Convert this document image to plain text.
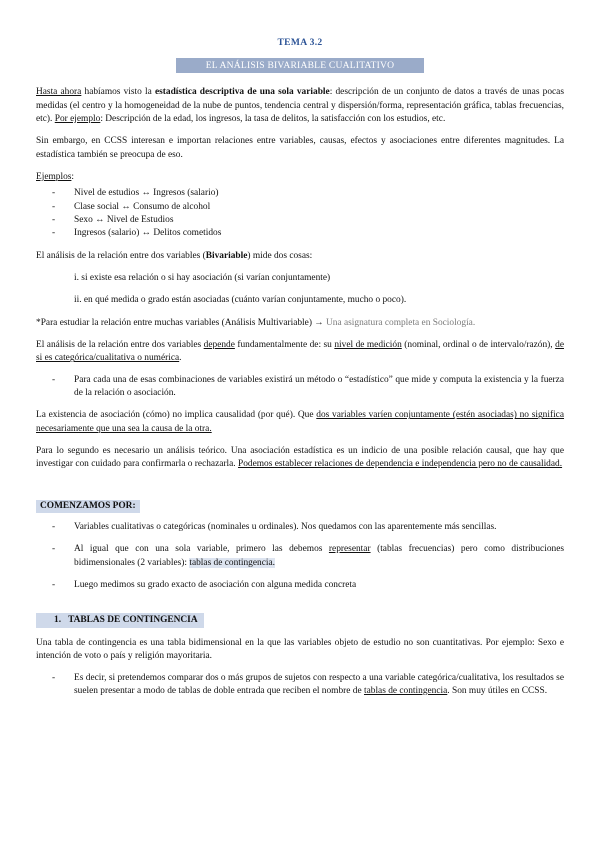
TEMA 3.2
EL ANÁLISIS BIVARIABLE CUALITATIVO

Hasta ahora habíamos visto la estadística descriptiva de una sola variable: descripción de un conjunto de datos a través de unas pocas medidas (el centro y la homogeneidad de la nube de puntos, tendencia central y dispersión/forma, representación gráfica, tablas frecuencias, etc). Por ejemplo: Descripción de la edad, los ingresos, la tasa de delitos, la satisfacción con los estudios, etc.

Sin embargo, en CCSS interesan e importan relaciones entre variables, causas, efectos y asociaciones entre diferentes magnitudes. La estadística también se preocupa de eso.

Ejemplos:

- Nivel de estudios ↔ Ingresos (salario)
- Clase social ↔ Consumo de alcohol
- Sexo ↔ Nivel de Estudios
- Ingresos (salario) ↔ Delitos cometidos

El análisis de la relación entre dos variables (Bivariable) mide dos cosas:

i. si existe esa relación o si hay asociación (si varían conjuntamente)

ii. en qué medida o grado están asociadas (cuánto varían conjuntamente, mucho o poco).

*Para estudiar la relación entre muchas variables (Análisis Multivariable) → Una asignatura completa en Sociología.

El análisis de la relación entre dos variables depende fundamentalmente de: su nivel de medición (nominal, ordinal o de intervalo/razón), de si es categórica/cualitativa o numérica.

- Para cada una de esas combinaciones de variables existirá un método o “estadístico” que mide y computa la existencia y la fuerza de la relación o asociación.

La existencia de asociación (cómo) no implica causalidad (por qué). Que dos variables varíen conjuntamente (estén asociadas) no significa necesariamente que una sea la causa de la otra.

Para lo segundo es necesario un análisis teórico. Una asociación estadística es un indicio de una posible relación causal, que hay que investigar con cuidado para confirmarla o rechazarla. Podemos establecer relaciones de dependencia e independencia pero no de causalidad.

COMENZAMOS POR:

- Variables cualitativas o categóricas (nominales u ordinales). Nos quedamos con las aparentemente más sencillas.
- Al igual que con una sola variable, primero las debemos representar (tablas frecuencias) pero como distribuciones bidimensionales (2 variables): tablas de contingencia.
- Luego medimos su grado exacto de asociación con alguna medida concreta

1. TABLAS DE CONTINGENCIA

Una tabla de contingencia es una tabla bidimensional en la que las variables objeto de estudio no son cuantitativas. Por ejemplo: Sexo e intención de voto o país y religión mayoritaria.

- Es decir, si pretendemos comparar dos o más grupos de sujetos con respecto a una variable categórica/cualitativa, los resultados se suelen presentar a modo de tablas de doble entrada que reciben el nombre de tablas de contingencia. Son muy útiles en CCSS.
